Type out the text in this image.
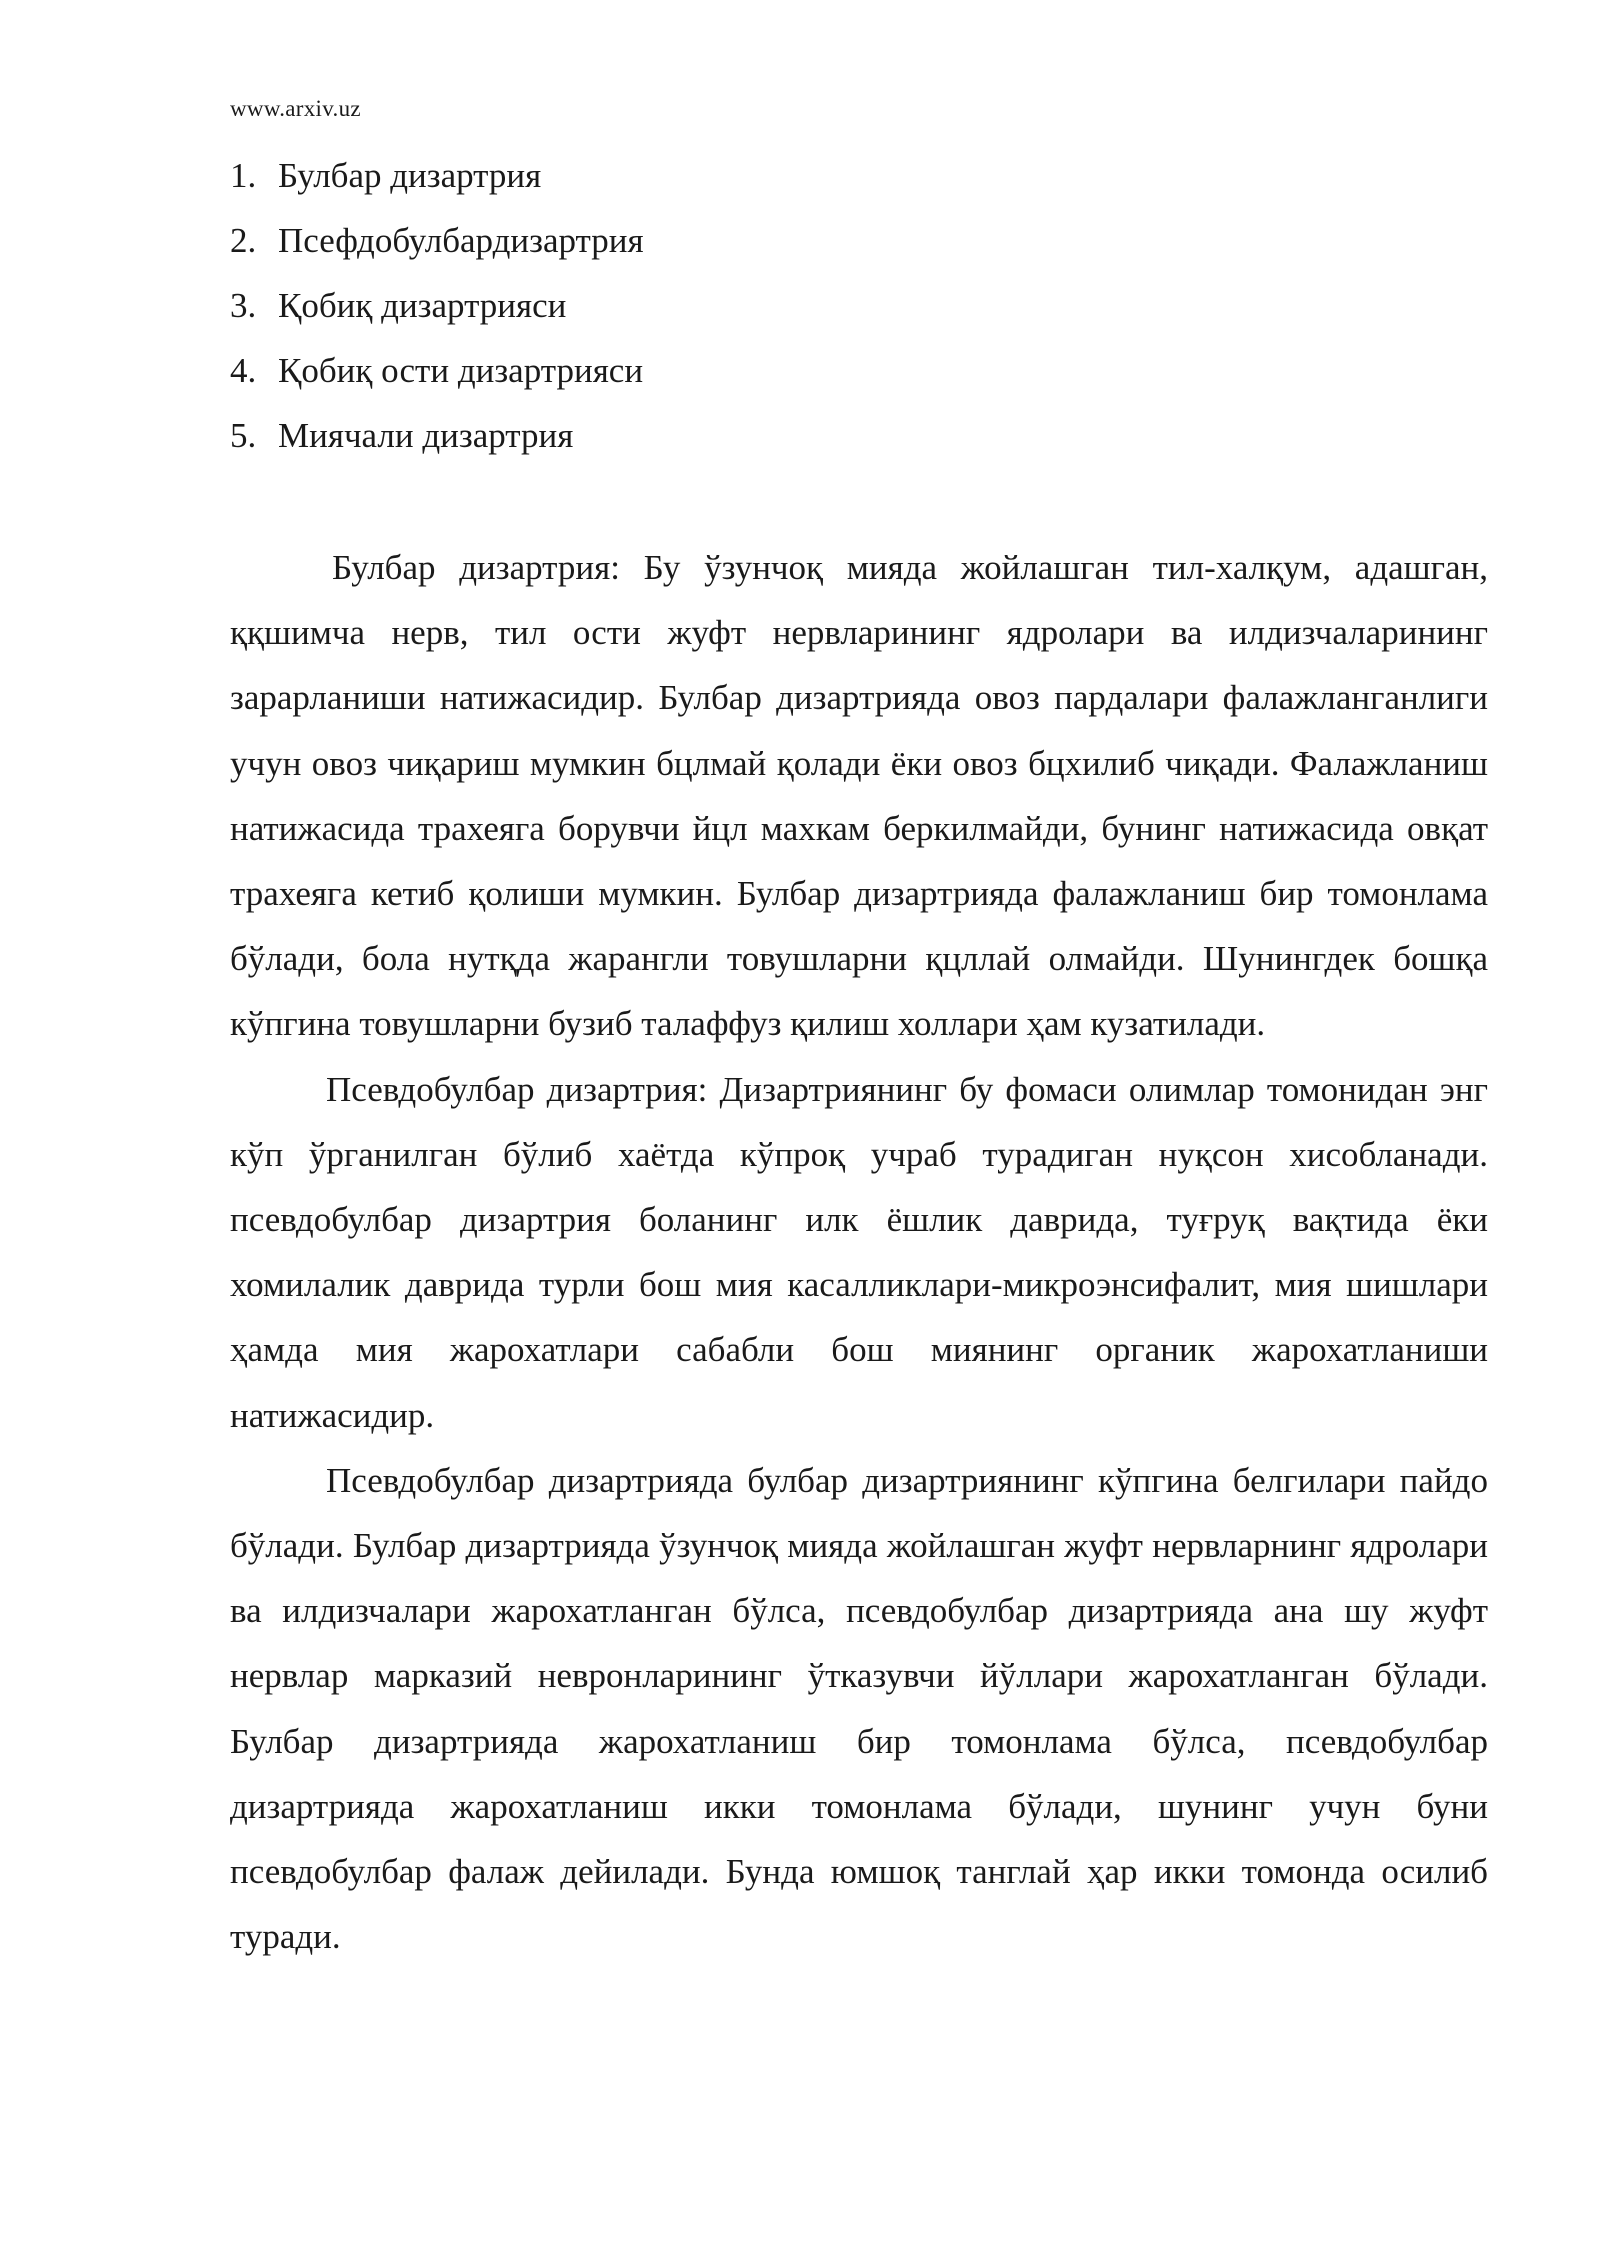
www.arxiv.uz
1. Булбар дизартрия
2. Псефдобулбардизартрия
3. Қобиқ дизартрияси
4. Қобиқ ости дизартрияси
5. Миячали дизартрия

Булбар дизартрия: Бу ўзунчоқ мияда жойлашган тил-халқум, адашган, ққшимча нерв, тил ости жуфт нервларининг ядролари ва илдизчаларининг зарарланиши натижасидир. Булбар дизартрияда овоз пардалари фалажланганлиги учун овоз чиқариш мумкин бцлмай қолади ёки овоз бцхилиб чиқади. Фалажланиш натижасида трахеяга борувчи йцл махкам беркилмайди, бунинг натижасида овқат трахеяга кетиб қолиши мумкин. Булбар дизартрияда фалажланиш бир томонлама бўлади, бола нутқда жарангли товушларни қцллай олмайди. Шунингдек бошқа кўпгина товушларни бузиб талаффуз қилиш холлари ҳам кузатилади.

Псевдобулбар дизартрия: Дизартриянинг бу фомаси олимлар томонидан энг кўп ўрганилган бўлиб хаётда кўпроқ учраб турадиган нуқсон хисобланади. псевдобулбар дизартрия боланинг илк ёшлик даврида, туғруқ вақтида ёки хомилалик даврида турли бош мия касалликлари-микроэнсифалит, мия шишлари ҳамда мия жарохатлари сабабли бош миянинг органик жарохатланиши натижасидир.

Псевдобулбар дизартрияда булбар дизартриянинг кўпгина белгилари пайдо бўлади. Булбар дизартрияда ўзунчоқ мияда жойлашган жуфт нервларнинг ядролари ва илдизчалари жарохатланган бўлса, псевдобулбар дизартрияда ана шу жуфт нервлар марказий невронларининг ўтказувчи йўллари жарохатланган бўлади. Булбар дизартрияда жарохатланиш бир томонлама бўлса, псевдобулбар дизартрияда жарохатланиш икки томонлама бўлади, шунинг учун буни псевдобулбар фалаж дейилади. Бунда юмшоқ танглай ҳар икки томонда осилиб туради.
